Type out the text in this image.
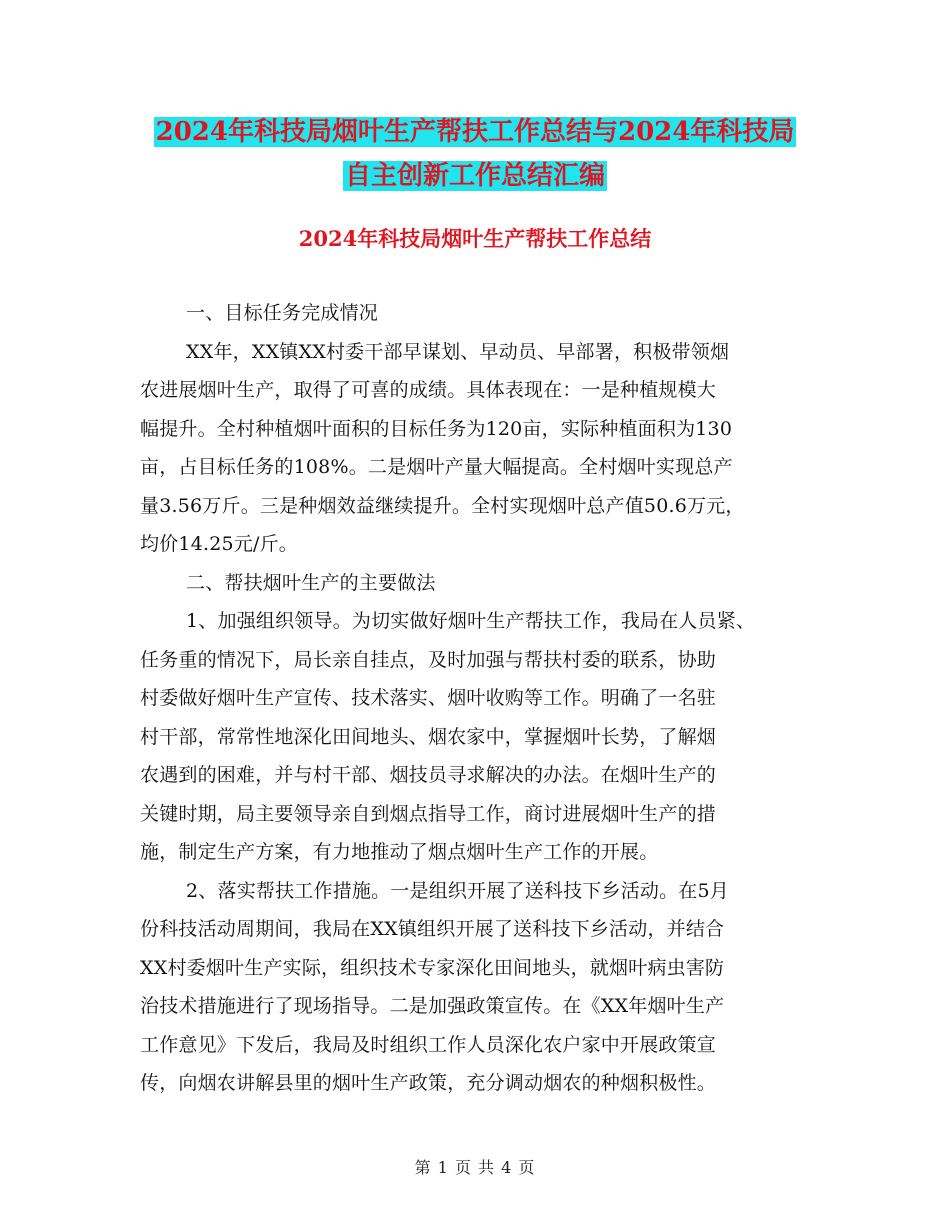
2024年科技局烟叶生产帮扶工作总结与2024年科技局
自主创新工作总结汇编
2024年科技局烟叶生产帮扶工作总结
一、目标任务完成情况
XX年，XX镇XX村委干部早谋划、早动员、早部署，积极带领烟
农进展烟叶生产，取得了可喜的成绩。具体表现在：一是种植规模大
幅提升。全村种植烟叶面积的目标任务为120亩，实际种植面积为130
亩，占目标任务的108%。二是烟叶产量大幅提高。全村烟叶实现总产
量3.56万斤。三是种烟效益继续提升。全村实现烟叶总产值50.6万元，
均价14.25元/斤。
二、帮扶烟叶生产的主要做法
1、加强组织领导。为切实做好烟叶生产帮扶工作，我局在人员紧、
任务重的情况下，局长亲自挂点，及时加强与帮扶村委的联系，协助
村委做好烟叶生产宣传、技术落实、烟叶收购等工作。明确了一名驻
村干部，常常性地深化田间地头、烟农家中，掌握烟叶长势，了解烟
农遇到的困难，并与村干部、烟技员寻求解决的办法。在烟叶生产的
关键时期，局主要领导亲自到烟点指导工作，商讨进展烟叶生产的措
施，制定生产方案，有力地推动了烟点烟叶生产工作的开展。
2、落实帮扶工作措施。一是组织开展了送科技下乡活动。在5月
份科技活动周期间，我局在XX镇组织开展了送科技下乡活动，并结合
XX村委烟叶生产实际，组织技术专家深化田间地头，就烟叶病虫害防
治技术措施进行了现场指导。二是加强政策宣传。在《XX年烟叶生产
工作意见》下发后，我局及时组织工作人员深化农户家中开展政策宣
传，向烟农讲解县里的烟叶生产政策，充分调动烟农的种烟积极性。
第 1 页 共 4 页
